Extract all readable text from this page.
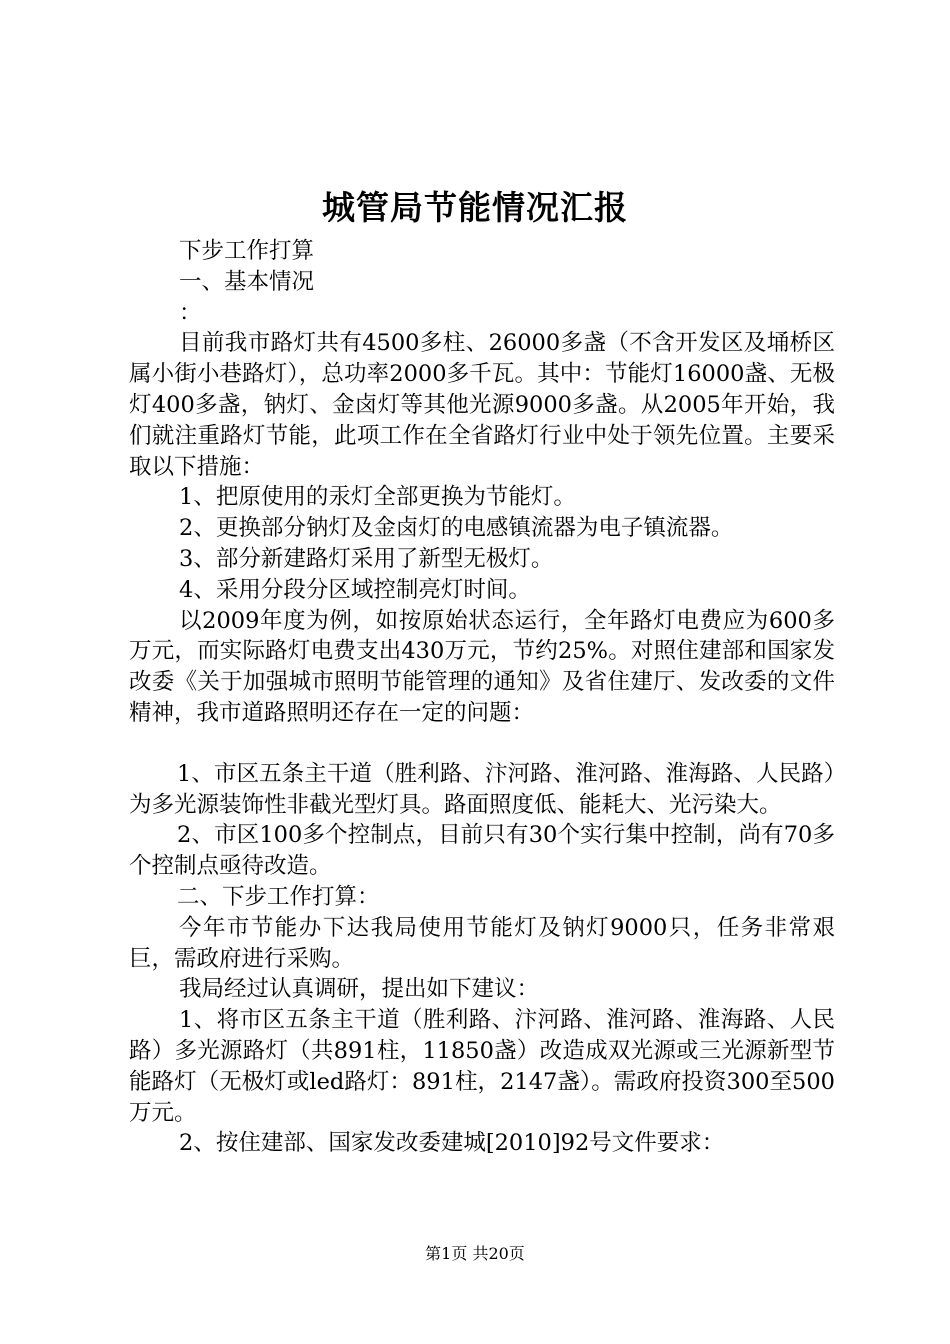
城管局节能情况汇报

下步工作打算

一、基本情况

：

目前我市路灯共有4500多柱、26000多盏（不含开发区及埇桥区属小街小巷路灯），总功率2000多千瓦。其中：节能灯16000盏、无极灯400多盏，钠灯、金卤灯等其他光源9000多盏。从2005年开始，我们就注重路灯节能，此项工作在全省路灯行业中处于领先位置。主要采取以下措施：

1、把原使用的汞灯全部更换为节能灯。

2、更换部分钠灯及金卤灯的电感镇流器为电子镇流器。

3、部分新建路灯采用了新型无极灯。

4、采用分段分区域控制亮灯时间。

以2009年度为例，如按原始状态运行，全年路灯电费应为600多万元，而实际路灯电费支出430万元，节约25%。对照住建部和国家发改委《关于加强城市照明节能管理的通知》及省住建厅、发改委的文件精神，我市道路照明还存在一定的问题：

1、市区五条主干道（胜利路、汴河路、淮河路、淮海路、人民路）为多光源装饰性非截光型灯具。路面照度低、能耗大、光污染大。

2、市区100多个控制点，目前只有30个实行集中控制，尚有70多个控制点亟待改造。

二、下步工作打算：

今年市节能办下达我局使用节能灯及钠灯9000只，任务非常艰巨，需政府进行采购。

我局经过认真调研，提出如下建议：

1、将市区五条主干道（胜利路、汴河路、淮河路、淮海路、人民路）多光源路灯（共891柱，11850盏）改造成双光源或三光源新型节能路灯（无极灯或led路灯：891柱，2147盏）。需政府投资300至500万元。

2、按住建部、国家发改委建城[2010]92号文件要求：

第1页 共20页
